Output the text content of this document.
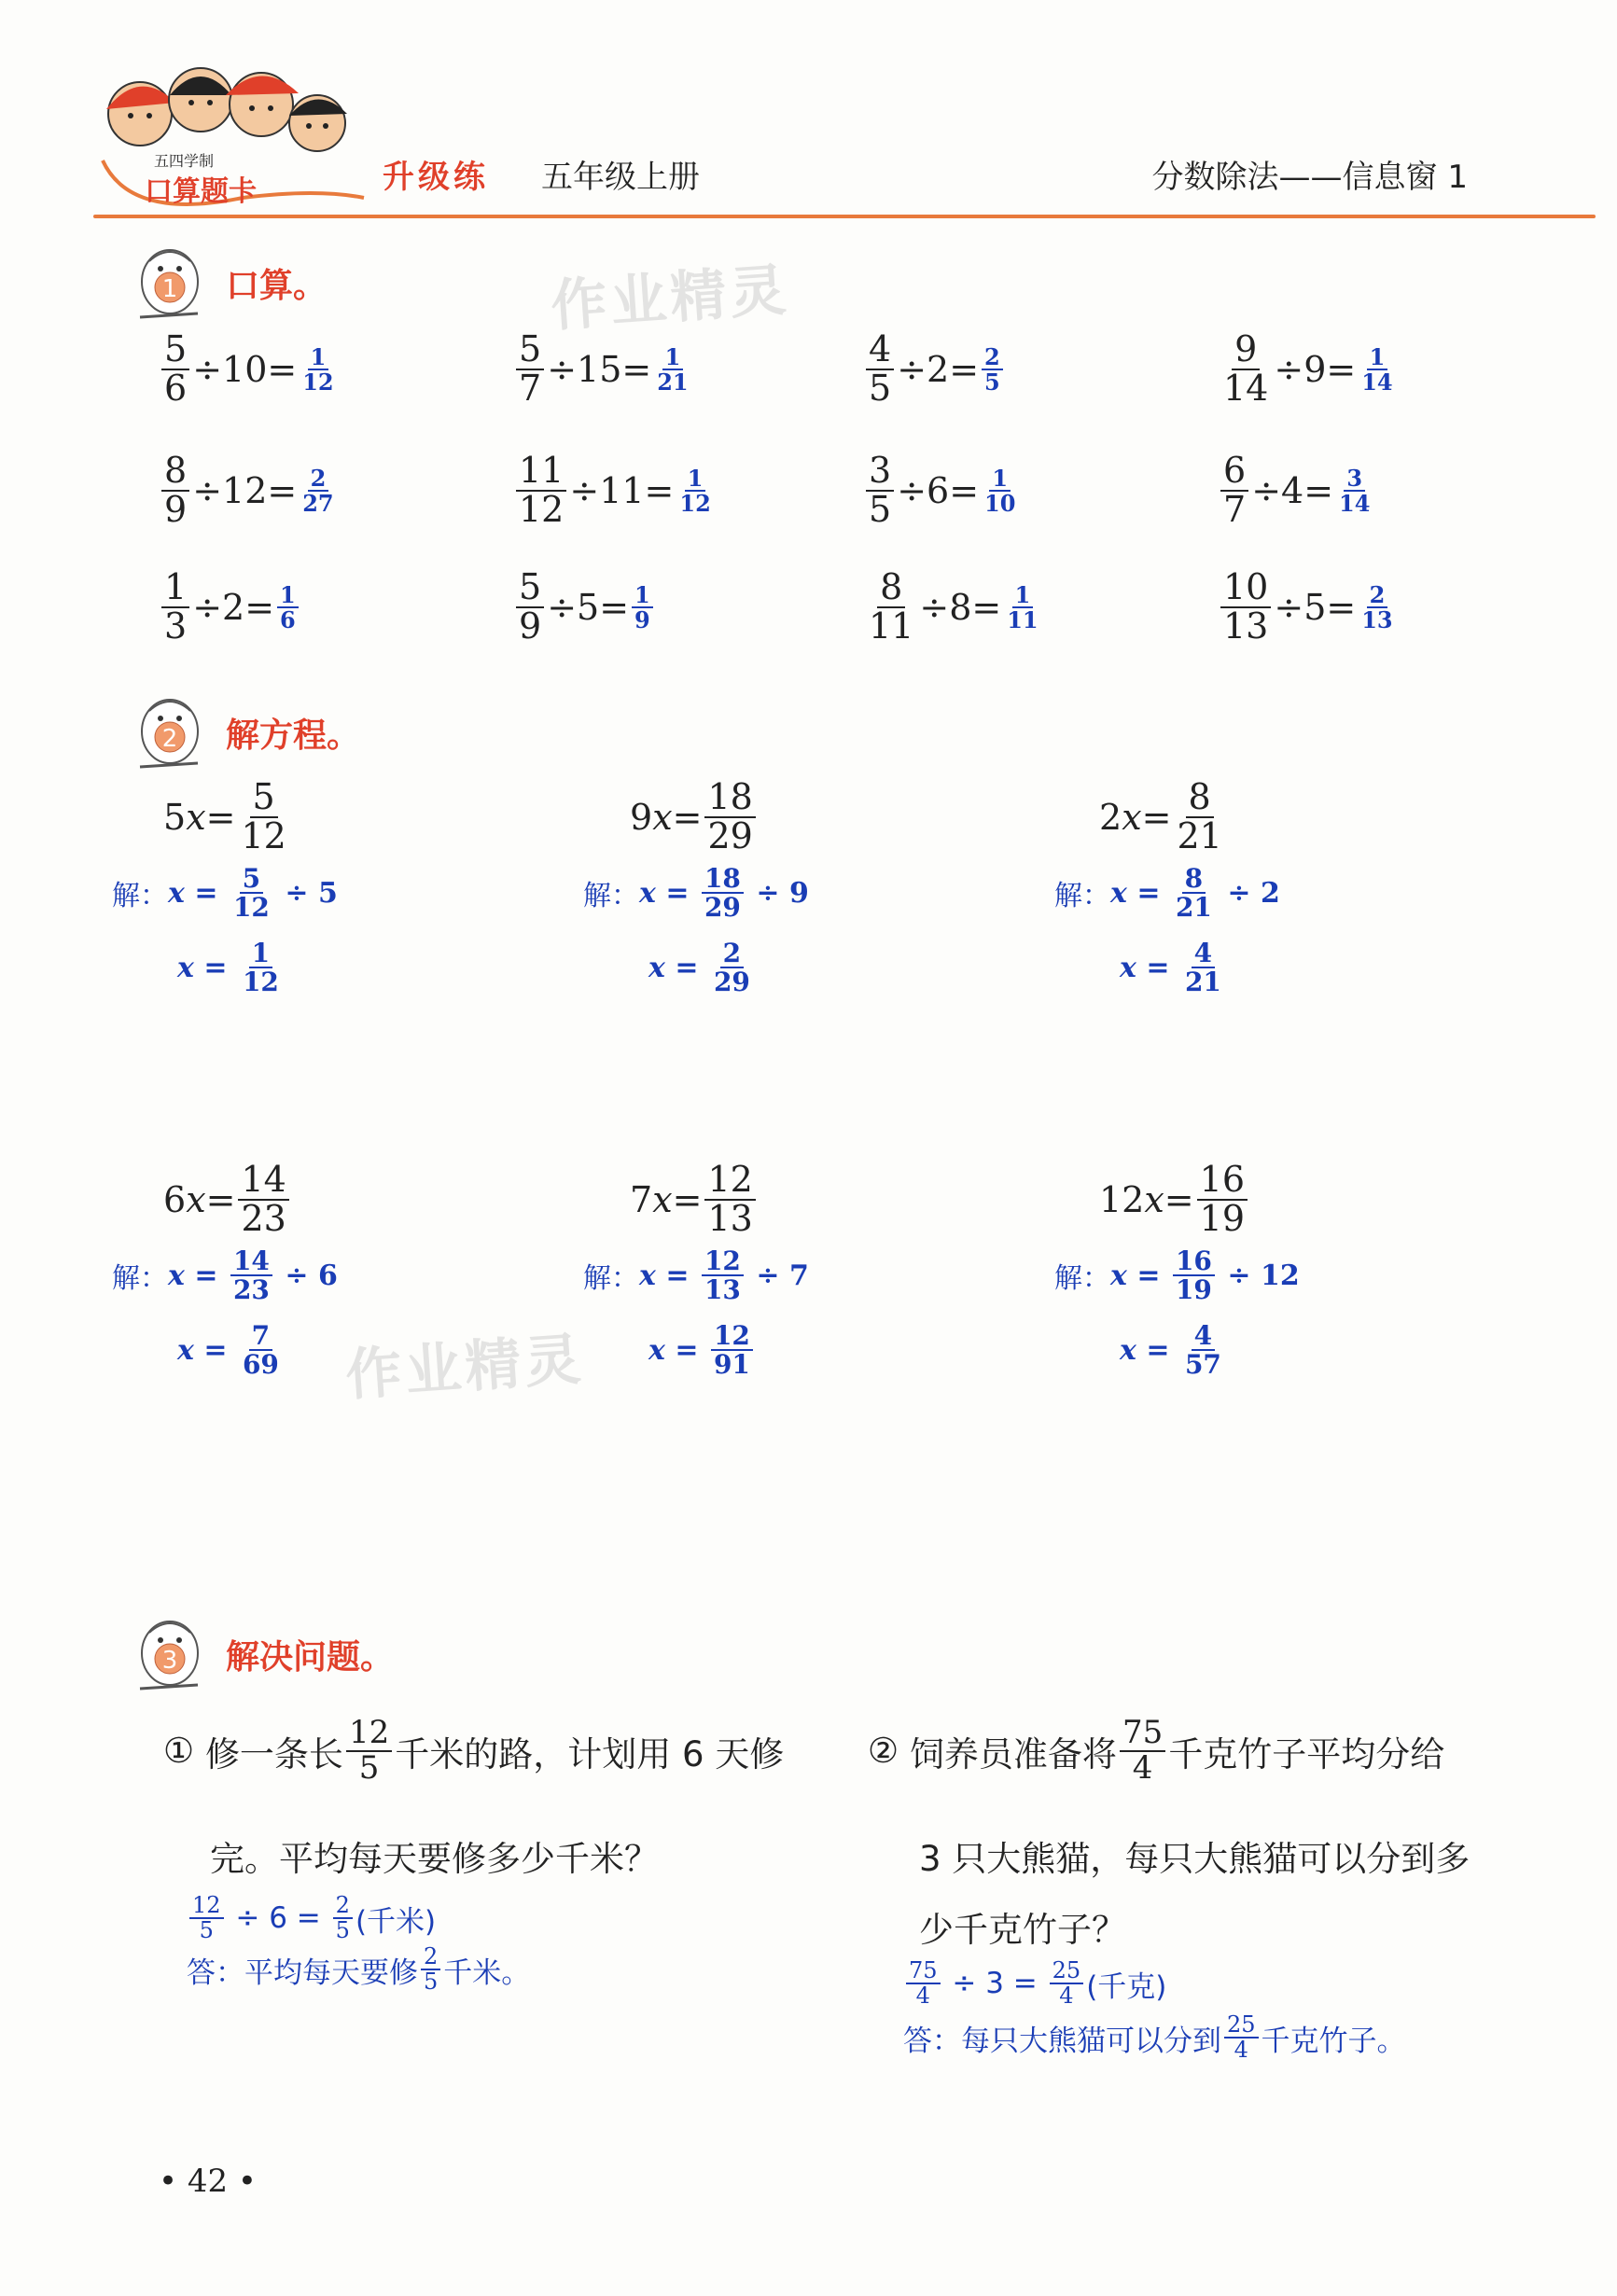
五四学制
口算题卡	升级练 五年级上册	分数除法——信息窗 1
作业精灵
作业精灵
1 口算。
$\frac{5}{6} \div 10= \frac{1}{12}$	$\frac{5}{7} \div 15= \frac{1}{21}$	$\frac{4}{5} \div 2= \frac{2}{5}$	$\frac{9}{14} \div 9= \frac{1}{14}$
$\frac{8}{9} \div 12= \frac{2}{27}$	$\frac{11}{12} \div 11= \frac{1}{12}$	$\frac{3}{5} \div 6= \frac{1}{10}$	$\frac{6}{7} \div 4= \frac{3}{14}$
$\frac{1}{3} \div 2= \frac{1}{6}$	$\frac{5}{9} \div 5= \frac{1}{9}$	$\frac{8}{11} \div 8= \frac{1}{11}$	$\frac{10}{13} \div 5= \frac{2}{13}$
2 解方程。
5 $x = \frac{5}{12}$
解： x
=
$\frac{5}{12}$
÷ 5
x
=
$\frac{1}{12}$
9 $x = \frac{18}{29}$
解： x
=
$\frac{18}{29}$
÷ 9
x
=
$\frac{2}{29}$
2 $x = \frac{8}{21}$
解： x
=
$\frac{8}{21}$
÷ 2
x
=
$\frac{4}{21}$
6 $x = \frac{14}{23}$
解： x
=
$\frac{14}{23}$
÷ 6
x
=
$\frac{7}{69}$
7 $x = \frac{12}{13}$
解： x
=
$\frac{12}{13}$
÷ 7
x
=
$\frac{12}{91}$
12 $x = \frac{16}{19}$
解： x
=
$\frac{16}{19}$
÷ 12
x
=
$\frac{4}{57}$
3 解决问题。
①
修一条长 $\frac{12}{5}$ 千米的路，计划用 6 天修
完。平均每天要修多少千米？
$\frac{12}{5}$
÷ 6 =
$\frac{2}{5}$ (千米)
答：平均每天要修 $\frac{2}{5}$ 千米。
②
饲养员准备将 $\frac{75}{4}$ 千克竹子平均分给
3 只大熊猫，每只大熊猫可以分到多
少千克竹子？
$\frac{75}{4}$
÷ 3 =
$\frac{25}{4}$ (千克)
答：每只大熊猫可以分到 $\frac{25}{4}$ 千克竹子。
• 42 •
